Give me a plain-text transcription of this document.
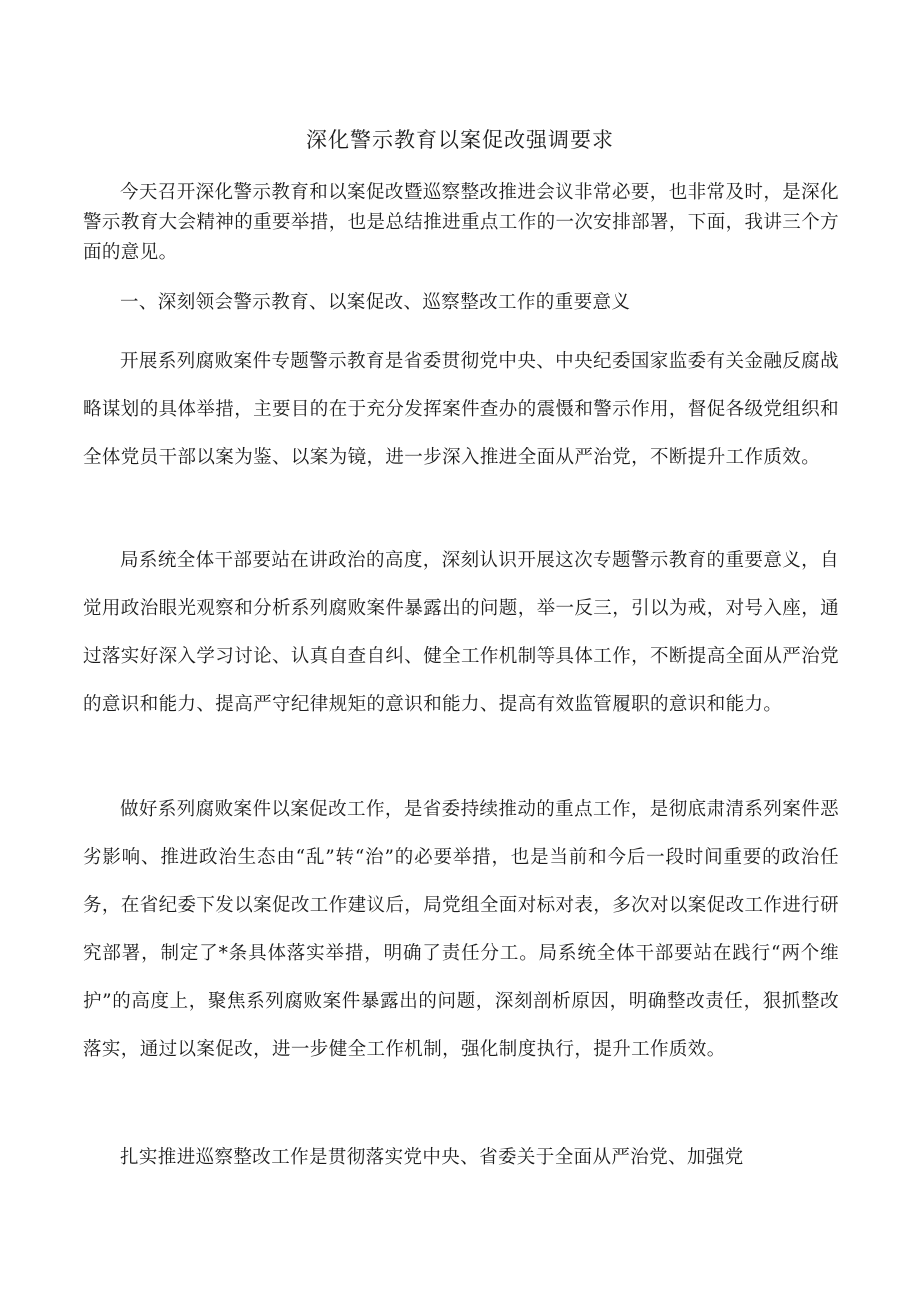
深化警示教育以案促改强调要求

今天召开深化警示教育和以案促改暨巡察整改推进会议非常必要，也非常及时，是深化警示教育大会精神的重要举措，也是总结推进重点工作的一次安排部署，下面，我讲三个方面的意见。

一、深刻领会警示教育、以案促改、巡察整改工作的重要意义

开展系列腐败案件专题警示教育是省委贯彻党中央、中央纪委国家监委有关金融反腐战略谋划的具体举措，主要目的在于充分发挥案件查办的震慑和警示作用，督促各级党组织和全体党员干部以案为鉴、以案为镜，进一步深入推进全面从严治党，不断提升工作质效。

局系统全体干部要站在讲政治的高度，深刻认识开展这次专题警示教育的重要意义，自觉用政治眼光观察和分析系列腐败案件暴露出的问题，举一反三，引以为戒，对号入座，通过落实好深入学习讨论、认真自查自纠、健全工作机制等具体工作，不断提高全面从严治党的意识和能力、提高严守纪律规矩的意识和能力、提高有效监管履职的意识和能力。

做好系列腐败案件以案促改工作，是省委持续推动的重点工作，是彻底肃清系列案件恶劣影响、推进政治生态由“乱”转“治”的必要举措，也是当前和今后一段时间重要的政治任务，在省纪委下发以案促改工作建议后，局党组全面对标对表，多次对以案促改工作进行研究部署，制定了*条具体落实举措，明确了责任分工。局系统全体干部要站在践行“两个维护”的高度上，聚焦系列腐败案件暴露出的问题，深刻剖析原因，明确整改责任，狠抓整改落实，通过以案促改，进一步健全工作机制，强化制度执行，提升工作质效。

扎实推进巡察整改工作是贯彻落实党中央、省委关于全面从严治党、加强党
